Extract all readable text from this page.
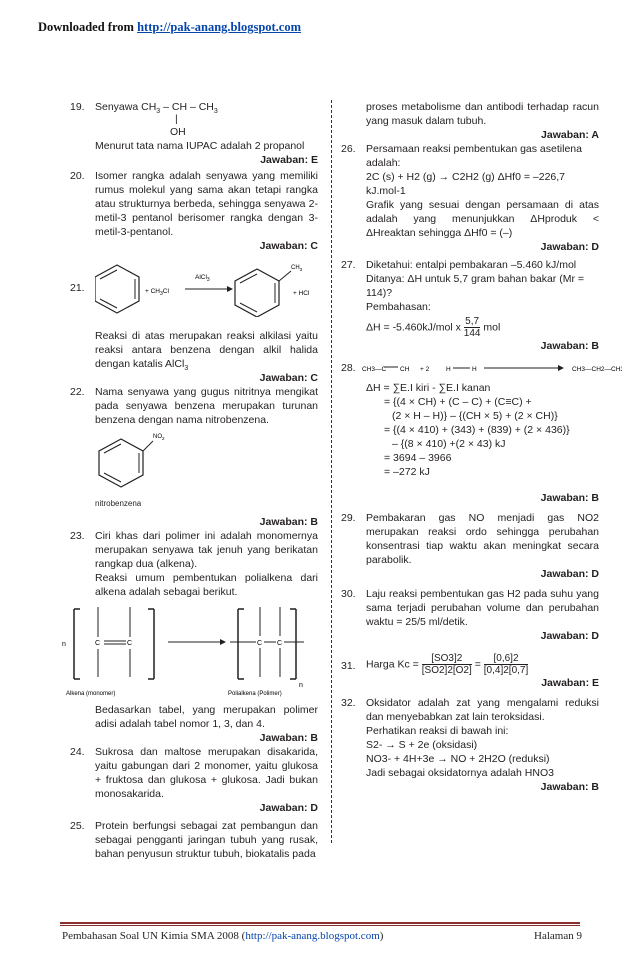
Downloaded from http://pak-anang.blogspot.com
19. Senyawa $CH_3$ – CH – $CH_3$
|
OH
Menurut tata nama IUPAC adalah 2 propanol
Jawaban: E
20. Isomer rangka adalah senyawa yang memiliki rumus molekul yang sama akan tetapi rangka atau strukturnya berbeda, sehingga senyawa 2-metil-3 pentanol berisomer rangka dengan 3-metil-3-pentanol.
Jawaban: C
21.	+ $CH_3Cl$
AlCl$_3$
$CH_3$
+ HCl
Reaksi di atas merupakan reaksi alkilasi yaitu reaksi antara benzena dengan alkil halida dengan katalis AlCl$_3$
Jawaban: C
22. Nama senyawa yang gugus nitritnya mengikat pada senyawa benzena merupakan turunan benzena dengan nama nitrobenzena.
$NO_2$
nitrobenzena
Jawaban: B
23. Ciri khas dari polimer ini adalah monomernya merupakan senyawa tak jenuh yang berikatan rangkap dua (alkena).
Reaksi umum pembentukan polialkena dari alkena adalah sebagai berikut.
n	C	C	C C
n
Alkena (monomer)	Polialkena (Polimer)
Bedasarkan tabel, yang merupakan polimer adisi adalah tabel nomor 1, 3, dan 4.
Jawaban: B
24. Sukrosa dan maltose merupakan disakarida, yaitu gabungan dari 2 monomer, yaitu glukosa + fruktosa dan glukosa + glukosa. Jadi bukan monosakarida.
Jawaban: D
25. Protein berfungsi sebagai zat pembangun dan sebagai pengganti jaringan tubuh yang rusak, bahan penyusun struktur tubuh, biokatalis pada
proses metabolisme dan antibodi terhadap racun yang masuk dalam tubuh.
Jawaban: A
26. Persamaan reaksi pembentukan gas asetilena adalah:
2C (s) + H2 (g) → C2H2 (g) ΔHf0 = –226,7 kJ.mol-1
Grafik yang sesuai dengan persamaan di atas adalah yang menunjukkan ΔHproduk < ΔHreaktan sehingga ΔHf0 = (–)
Jawaban: D
27. Diketahui: entalpi pembakaran –5.460 kJ/mol
Ditanya: ΔH untuk 5,7 gram bahan bakar (Mr = 114)?
Pembahasan:
ΔH = -5.460kJ/mol x $\frac{5,7}{144}$ mol
Jawaban: B
28. CH3—C CH + 2	H	H	CH3—CH2—CH3
ΔH = ∑E.I kiri - ∑E.I kanan
= {(4 × CH) + (C – C) + (C≡C) +
(2 × H – H)} – {(CH × 5) + (2 × CH)}
= {(4 × 410) + (343) + (839) + (2 × 436)}
– {(8 × 410) +(2 × 43) kJ
= 3694 – 3966
= –272 kJ
Jawaban: B
29. Pembakaran gas NO menjadi gas NO2 merupakan reaksi ordo sehingga perubahan konsentrasi tiap waktu akan meningkat secara parabolik.
Jawaban: D
30. Laju reaksi pembentukan gas H2 pada suhu yang sama terjadi perubahan volume dan perubahan waktu = 25/5 ml/detik.
Jawaban: D
31. Harga $Kc = \frac{[SO3]2}{[SO2]2[O2]} = \frac{[0,6]2}{[0,4]2[0,7]}$
Jawaban: E
32. Oksidator adalah zat yang mengalami reduksi dan menyebabkan zat lain teroksidasi.
Perhatikan reaksi di bawah ini:
S2- → S + 2e (oksidasi)
NO3- + 4H+3e → NO + 2H2O (reduksi)
Jadi sebagai oksidatornya adalah HNO3
Jawaban: B
Pembahasan Soal UN Kimia SMA 2008 (http://pak-anang.blogspot.com)	Halaman 9
